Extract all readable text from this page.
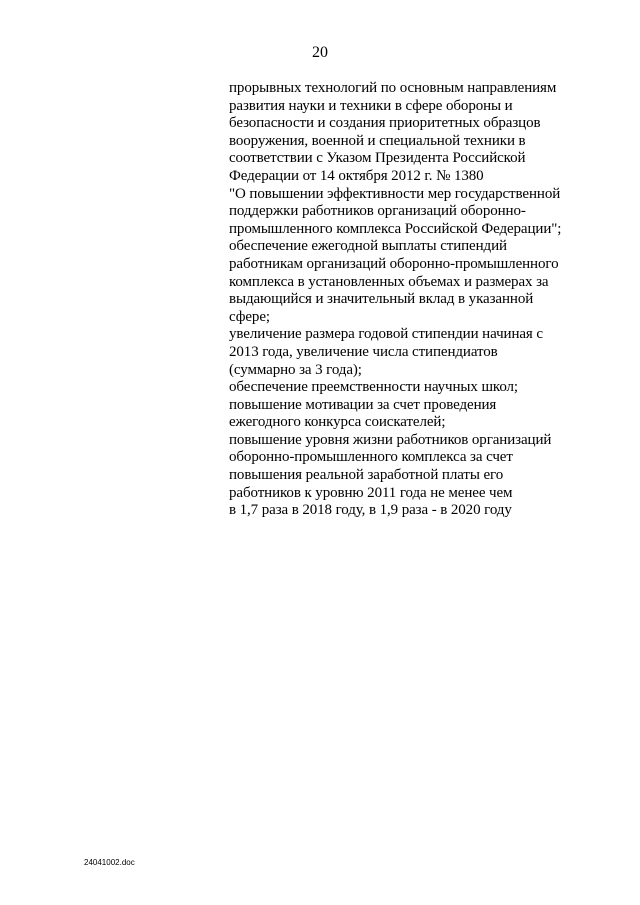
20
прорывных технологий по основным направлениям
развития науки и техники в сфере обороны и
безопасности и создания приоритетных образцов
вооружения, военной и специальной техники в
соответствии с Указом Президента Российской
Федерации от 14 октября 2012 г. № 1380
"О повышении эффективности мер государственной
поддержки работников организаций оборонно-
промышленного комплекса Российской Федерации";
обеспечение ежегодной выплаты стипендий
работникам организаций оборонно-промышленного
комплекса в установленных объемах и размерах за
выдающийся и значительный вклад в указанной
сфере;
увеличение размера годовой стипендии начиная с
2013 года, увеличение числа стипендиатов
(суммарно за 3 года);
обеспечение преемственности научных школ;
повышение мотивации за счет проведения
ежегодного конкурса соискателей;
повышение уровня жизни работников организаций
оборонно-промышленного комплекса за счет
повышения реальной заработной платы его
работников к уровню 2011 года не менее чем
в 1,7 раза в 2018 году, в 1,9 раза - в 2020 году
24041002.doc
